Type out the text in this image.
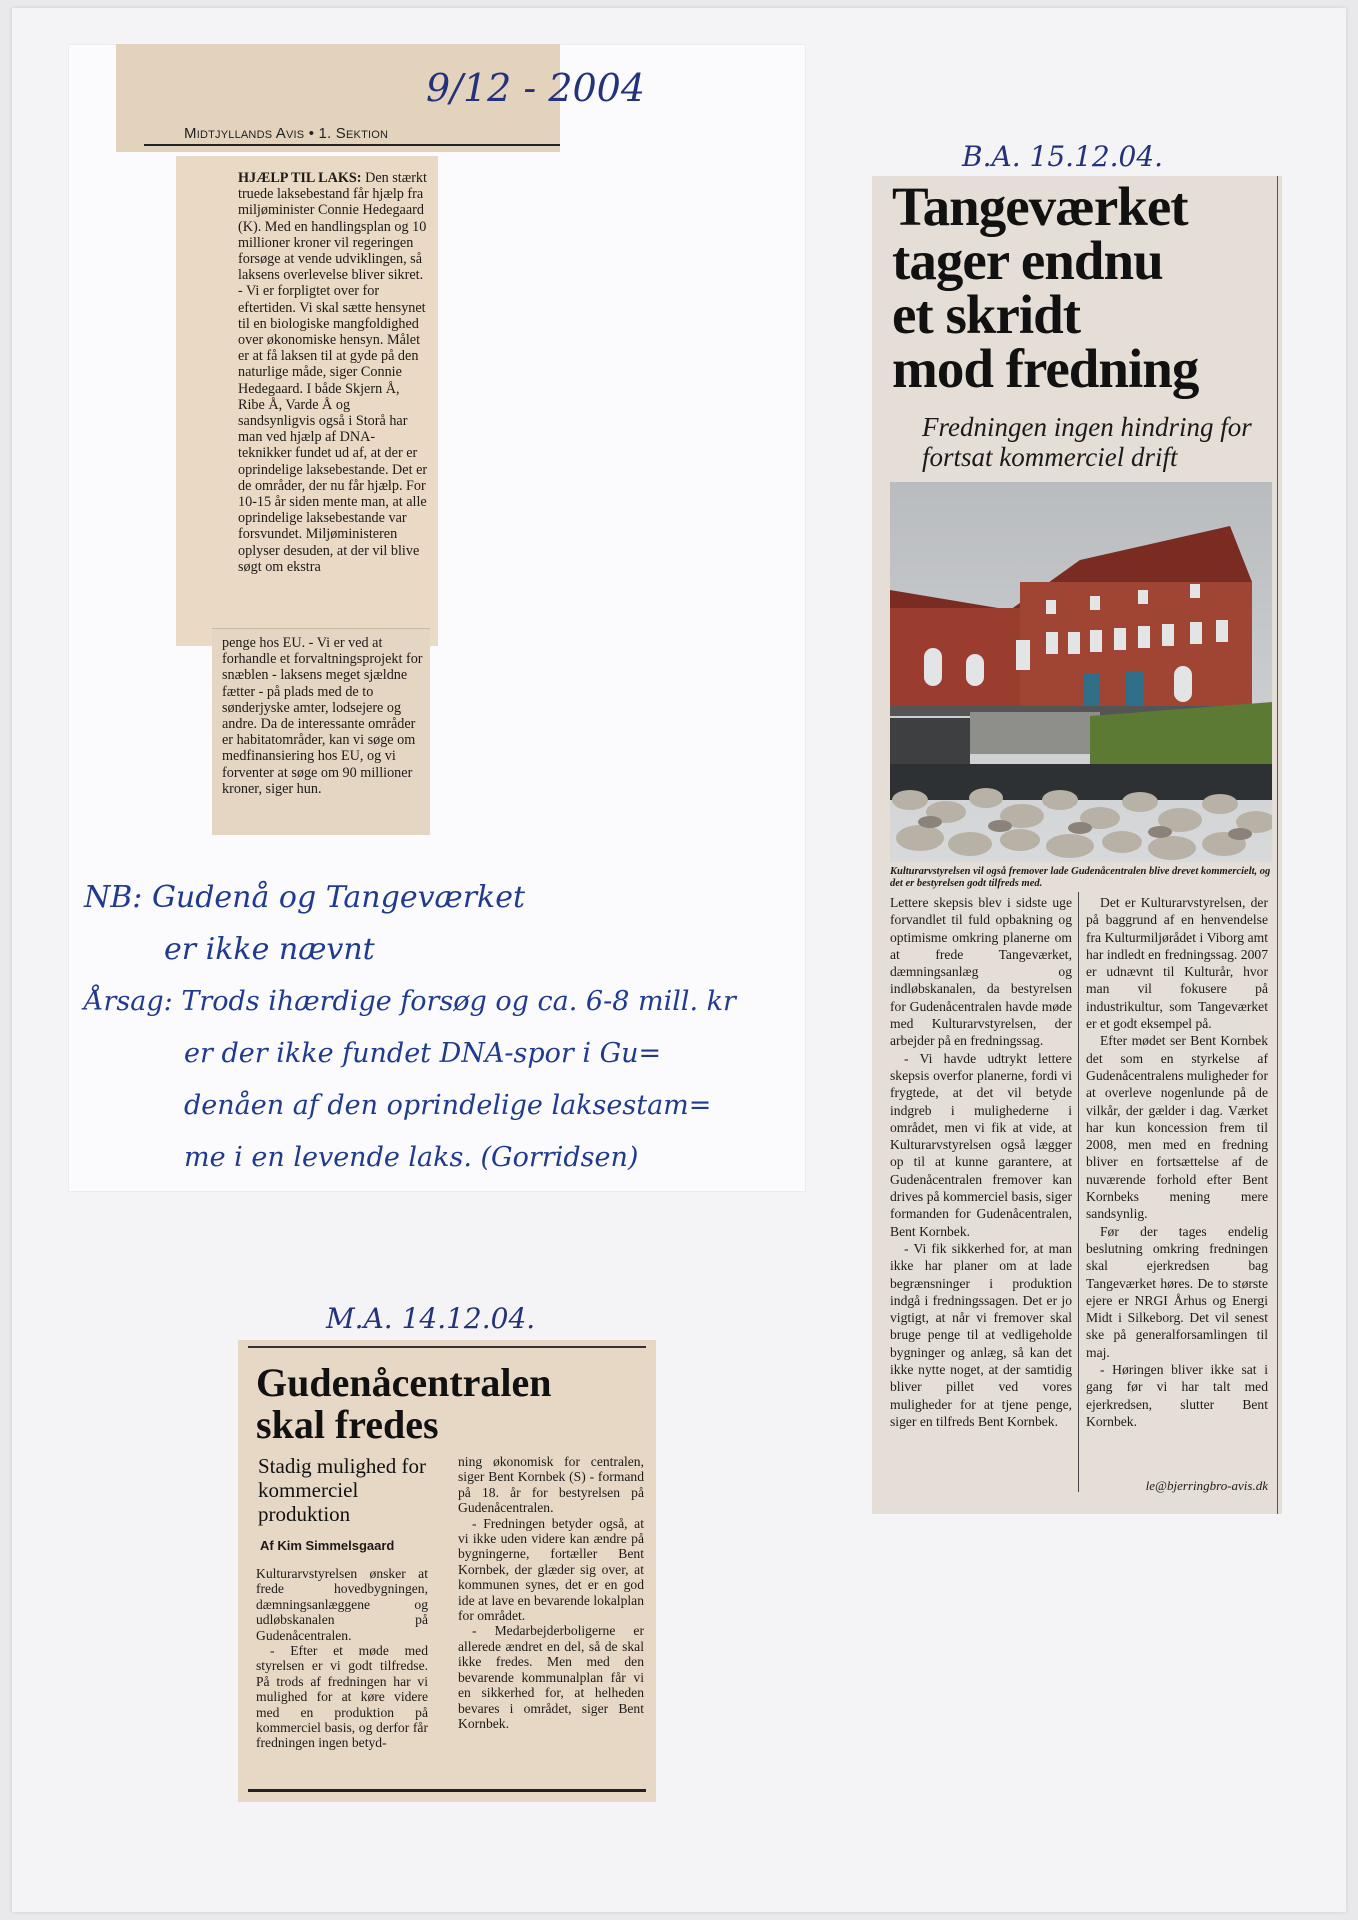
Midtjyllands Avis • 1. Sektion
9/12 - 2004
HJÆLP TIL LAKS: Den stærkt truede laksebestand får hjælp fra miljøminister Connie Hedegaard (K). Med en handlingsplan og 10 millioner kroner vil regeringen forsøge at vende udviklingen, så laksens overlevelse bliver sikret. - Vi er forpligtet over for eftertiden. Vi skal sætte hensynet til en biologiske mangfoldighed over økonomiske hensyn. Målet er at få laksen til at gyde på den naturlige måde, siger Connie Hedegaard. I både Skjern Å, Ribe Å, Varde Å og sandsynligvis også i Storå har man ved hjælp af DNA-teknikker fundet ud af, at der er oprindelige laksebestande. Det er de områder, der nu får hjælp. For 10-15 år siden mente man, at alle oprindelige laksebestande var forsvundet. Miljøministeren oplyser desuden, at der vil blive søgt om ekstra
penge hos EU. - Vi er ved at forhandle et forvaltningsprojekt for snæblen - laksens meget sjældne fætter - på plads med de to sønderjyske amter, lodsejere og andre. Da de interessante områder er habitatområder, kan vi søge om medfinansiering hos EU, og vi forventer at søge om 90 millioner kroner, siger hun.
NB: Gudenå og Tangeværket
er ikke nævnt
Årsag: Trods ihærdige forsøg og ca. 6-8 mill. kr
er der ikke fundet DNA-spor i Gu=
denåen af den oprindelige laksestam=
me i en levende laks. (Gorridsen)
M.A. 14.12.04.
Gudenåcentralen
skal fredes
Stadig mulighed for kommerciel produktion
Af Kim Simmelsgaard

Kulturarvstyrelsen ønsker at frede hovedbygningen, dæmningsanlæggene og udløbskanalen på Gudenåcentralen.

- Efter et møde med styrelsen er vi godt tilfredse. På trods af fredningen har vi mulighed for at køre videre med en produktion på kommerciel basis, og derfor får fredningen ingen betyd-

ning økonomisk for centralen, siger Bent Kornbek (S) - formand på 18. år for bestyrelsen på Gudenåcentralen.

- Fredningen betyder også, at vi ikke uden videre kan ændre på bygningerne, fortæller Bent Kornbek, der glæder sig over, at kommunen synes, det er en god ide at lave en bevarende lokalplan for området.

- Medarbejderboligerne er allerede ændret en del, så de skal ikke fredes. Men med den bevarende kommunalplan får vi en sikkerhed for, at helheden bevares i området, siger Bent Kornbek.

B.A. 15.12.04.
Tangeværket
tager endnu
et skridt
mod fredning
Fredningen ingen hindring for fortsat kommerciel drift
Kulturarvstyrelsen vil også fremover lade Gudenåcentralen blive drevet kommercielt, og det er bestyrelsen godt tilfreds med.

Lettere skepsis blev i sidste uge forvandlet til fuld opbakning og optimisme omkring planerne om at frede Tangeværket, dæmningsanlæg og indløbskanalen, da bestyrelsen for Gudenåcentralen havde møde med Kulturarvstyrelsen, der arbejder på en fredningssag.

- Vi havde udtrykt lettere skepsis overfor planerne, fordi vi frygtede, at det vil betyde indgreb i mulighederne i området, men vi fik at vide, at Kulturarvstyrelsen også lægger op til at kunne garantere, at Gudenåcentralen fremover kan drives på kommerciel basis, siger formanden for Gudenåcentralen, Bent Kornbek.

- Vi fik sikkerhed for, at man ikke har planer om at lade begrænsninger i produktion indgå i fredningssagen. Det er jo vigtigt, at når vi fremover skal bruge penge til at vedligeholde bygninger og anlæg, så kan det ikke nytte noget, at der samtidig bliver pillet ved vores muligheder for at tjene penge, siger en tilfreds Bent Kornbek.

Det er Kulturarvstyrelsen, der på baggrund af en henvendelse fra Kulturmiljørådet i Viborg amt har indledt en fredningssag. 2007 er udnævnt til Kulturår, hvor man vil fokusere på industrikultur, som Tangeværket er et godt eksempel på.

Efter mødet ser Bent Kornbek det som en styrkelse af Gudenåcentralens muligheder for at overleve nogenlunde på de vilkår, der gælder i dag. Værket har kun koncession frem til 2008, men med en fredning bliver en fortsættelse af de nuværende forhold efter Bent Kornbeks mening mere sandsynlig.

Før der tages endelig beslutning omkring fredningen skal ejerkredsen bag Tangeværket høres. De to største ejere er NRGI Århus og Energi Midt i Silkeborg. Det vil senest ske på generalforsamlingen til maj.

- Høringen bliver ikke sat i gang før vi har talt med ejerkredsen, slutter Bent Kornbek.

le@bjerringbro-avis.dk
